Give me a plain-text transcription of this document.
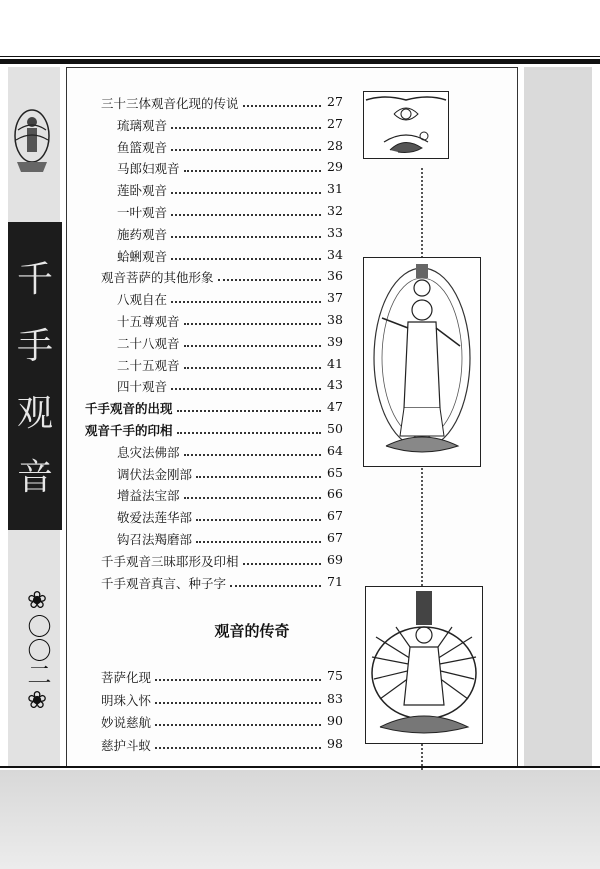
千
手
观
音
❀〇〇二❀
三十三体观音化现的传说	27
琉璃观音	27
鱼篮观音	28
马郎妇观音	29
莲卧观音	31
一叶观音	32
施药观音	33
蛤蜊观音	34
观音菩萨的其他形象	36
八观自在	37
十五尊观音	38
二十八观音	39
二十五观音	41
四十观音	43
千手观音的出现	47
观音千手的印相	50
息灾法佛部	64
调伏法金刚部	65
增益法宝部	66
敬爱法莲华部	67
钩召法羯磨部	67
千手观音三昧耶形及印相	69
千手观音真言、种子字	71
观音的传奇
菩萨化现	75
明珠入怀	83
妙说慈航	90
慈护斗蚁	98
